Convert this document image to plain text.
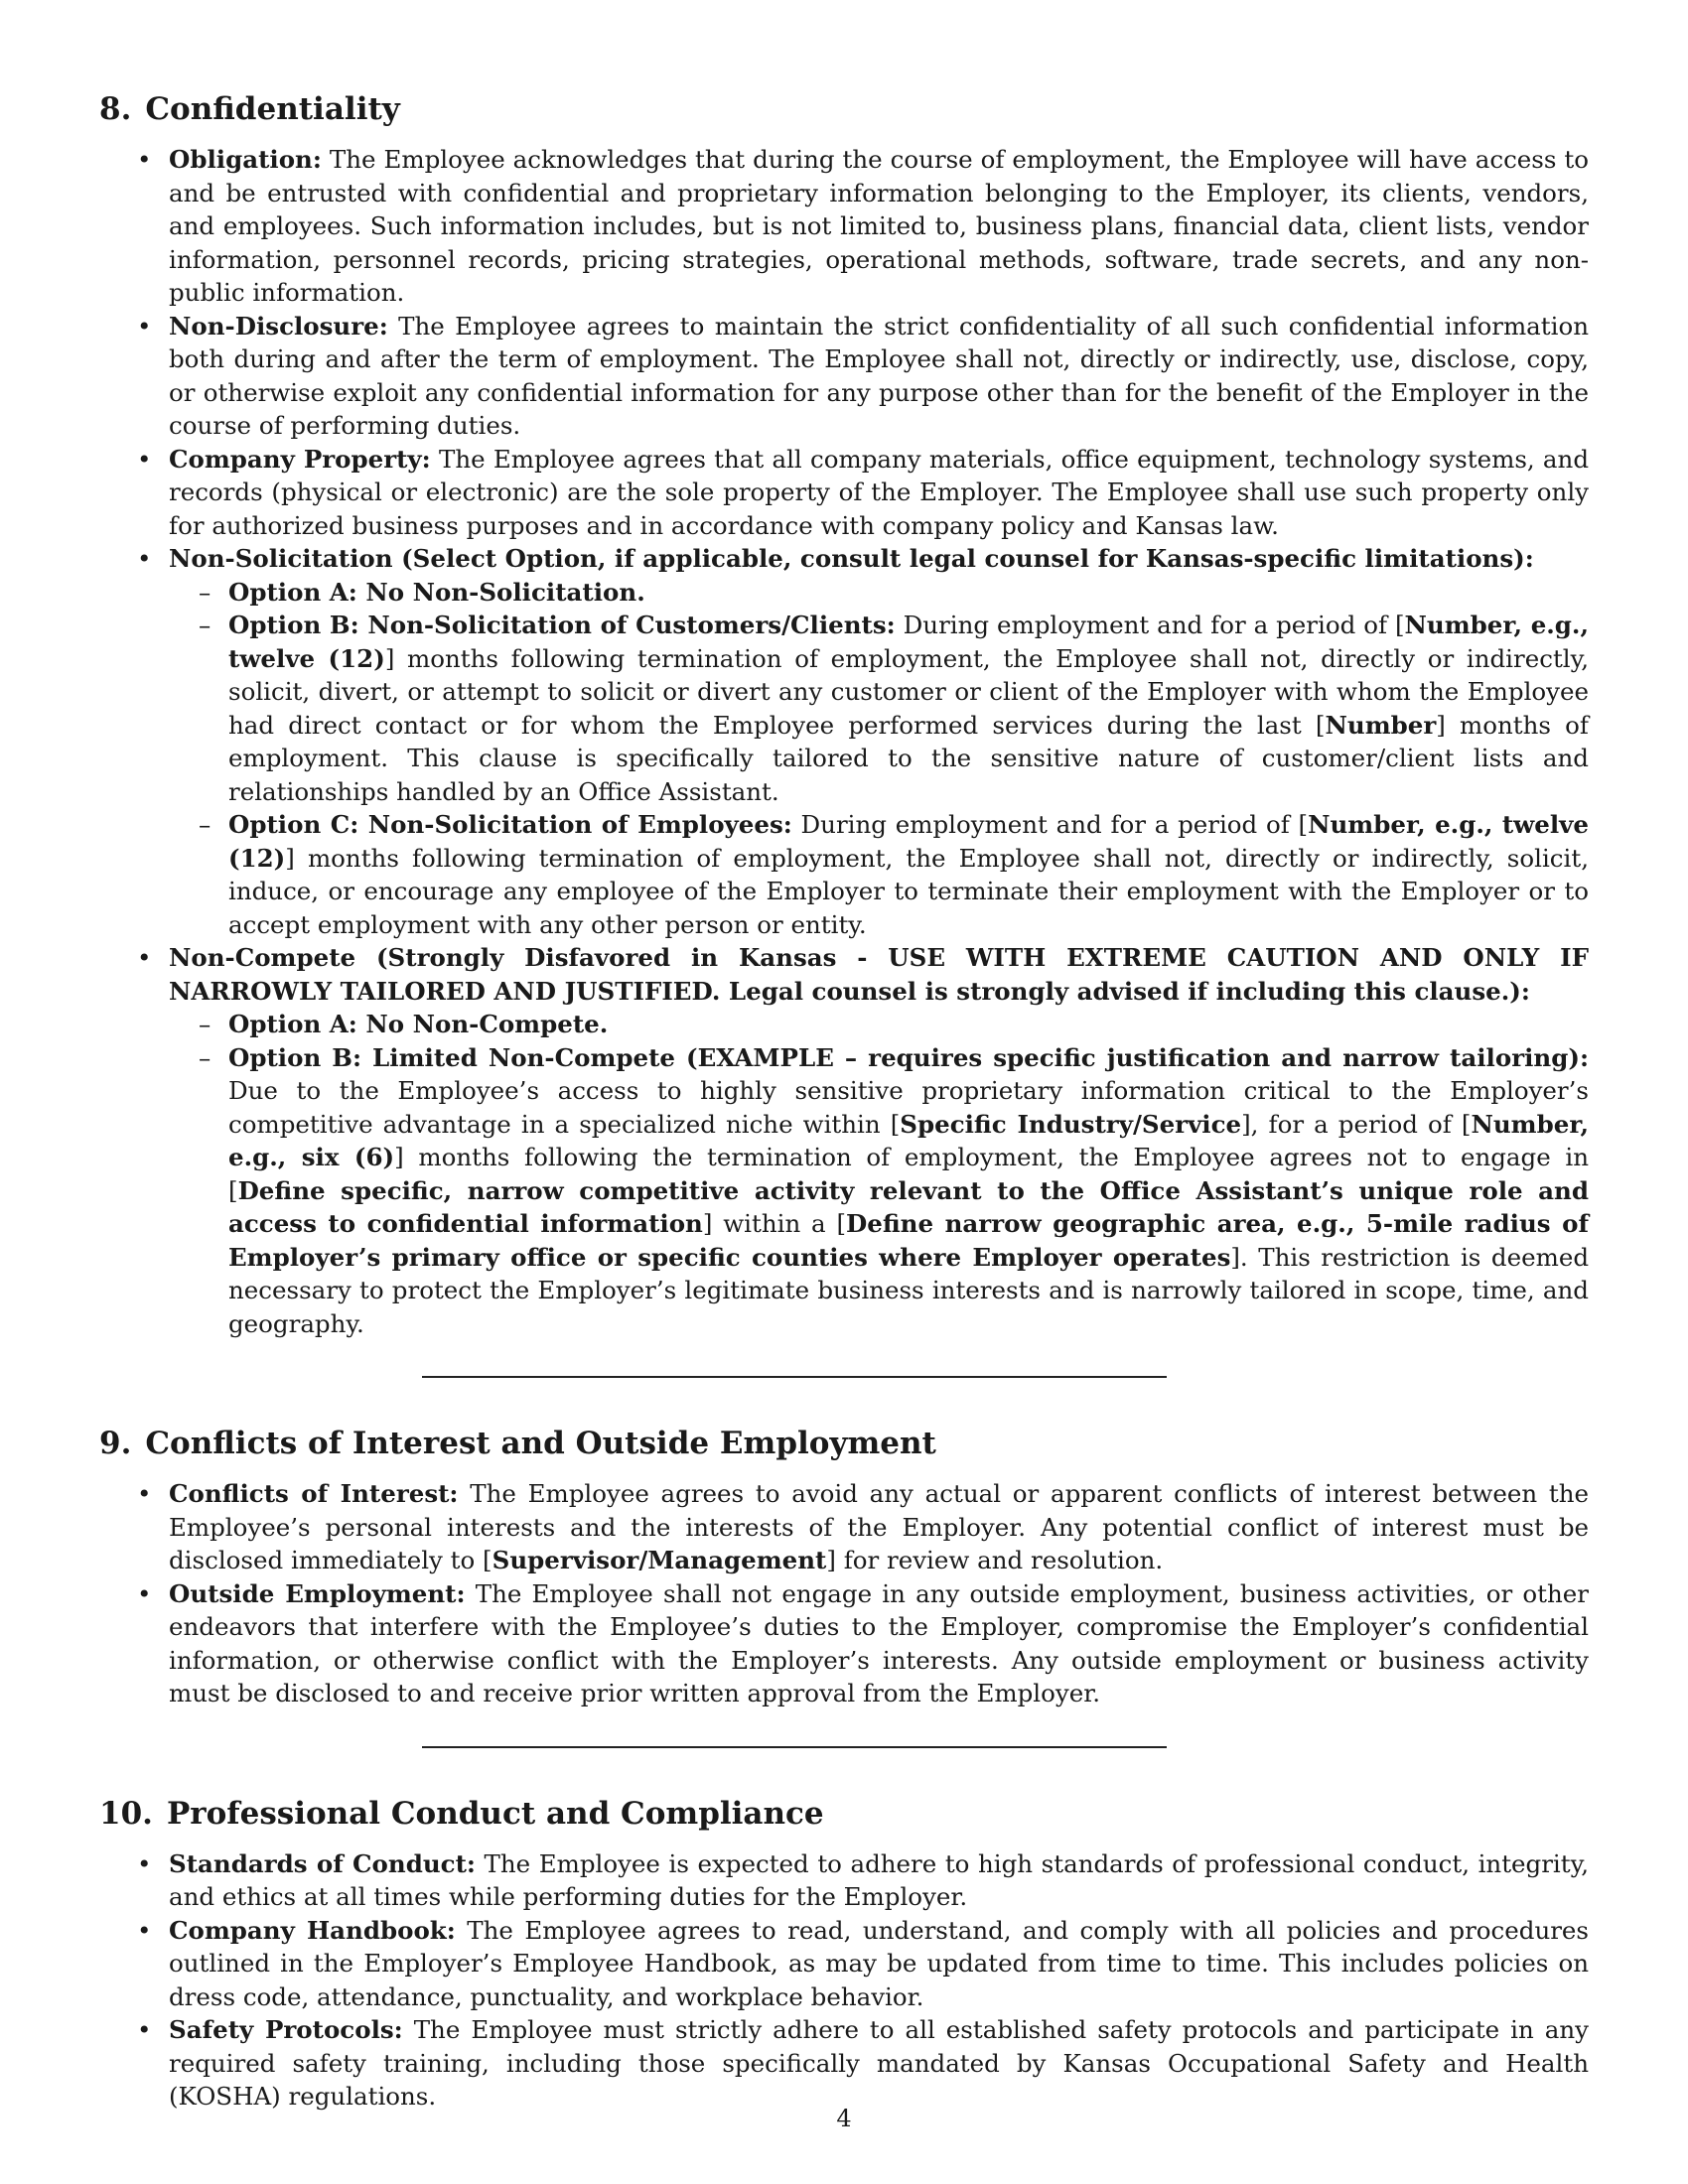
8. Confidentiality
• Obligation: The Employee acknowledges that during the course of employment, the Employee will have access to and be entrusted with confidential and proprietary information belonging to the Employer, its clients, vendors, and employees. Such information includes, but is not limited to, business plans, financial data, client lists, vendor information, personnel records, pricing strategies, operational methods, software, trade secrets, and any non-public information.
• Non-Disclosure: The Employee agrees to maintain the strict confidentiality of all such confidential information both during and after the term of employment. The Employee shall not, directly or indirectly, use, disclose, copy, or otherwise exploit any confidential information for any purpose other than for the benefit of the Employer in the course of performing duties.
• Company Property: The Employee agrees that all company materials, office equipment, technology systems, and records (physical or electronic) are the sole property of the Employer. The Employee shall use such property only for authorized business purposes and in accordance with company policy and Kansas law.
• Non-Solicitation (Select Option, if applicable, consult legal counsel for Kansas-specific limitations):
– Option A: No Non-Solicitation.
– Option B: Non-Solicitation of Customers/Clients: During employment and for a period of [Number, e.g., twelve (12)] months following termination of employment, the Employee shall not, directly or indirectly, solicit, divert, or attempt to solicit or divert any customer or client of the Employer with whom the Employee had direct contact or for whom the Employee performed services during the last [Number] months of employment. This clause is specifically tailored to the sensitive nature of customer/client lists and relationships handled by an Office Assistant.
– Option C: Non-Solicitation of Employees: During employment and for a period of [Number, e.g., twelve (12)] months following termination of employment, the Employee shall not, directly or indirectly, solicit, induce, or encourage any employee of the Employer to terminate their employment with the Employer or to accept employment with any other person or entity.
• Non-Compete (Strongly Disfavored in Kansas - USE WITH EXTREME CAUTION AND ONLY IF NARROWLY TAILORED AND JUSTIFIED. Legal counsel is strongly advised if including this clause.):
– Option A: No Non-Compete.
– Option B: Limited Non-Compete (EXAMPLE – requires specific justification and narrow tailoring): Due to the Employee’s access to highly sensitive proprietary information critical to the Employer’s competitive advantage in a specialized niche within [Specific Industry/Service], for a period of [Number, e.g., six (6)] months following the termination of employment, the Employee agrees not to engage in [Define specific, narrow competitive activity relevant to the Office Assistant’s unique role and access to confidential information] within a [Define narrow geographic area, e.g., 5-mile radius of Employer’s primary office or specific counties where Employer operates]. This restriction is deemed necessary to protect the Employer’s legitimate business interests and is narrowly tailored in scope, time, and geography.
9. Conflicts of Interest and Outside Employment
• Conflicts of Interest: The Employee agrees to avoid any actual or apparent conflicts of interest between the Employee’s personal interests and the interests of the Employer. Any potential conflict of interest must be disclosed immediately to [Supervisor/Management] for review and resolution.
• Outside Employment: The Employee shall not engage in any outside employment, business activities, or other endeavors that interfere with the Employee’s duties to the Employer, compromise the Employer’s confidential information, or otherwise conflict with the Employer’s interests. Any outside employment or business activity must be disclosed to and receive prior written approval from the Employer.
10. Professional Conduct and Compliance
• Standards of Conduct: The Employee is expected to adhere to high standards of professional conduct, integrity, and ethics at all times while performing duties for the Employer.
• Company Handbook: The Employee agrees to read, understand, and comply with all policies and procedures outlined in the Employer’s Employee Handbook, as may be updated from time to time. This includes policies on dress code, attendance, punctuality, and workplace behavior.
• Safety Protocols: The Employee must strictly adhere to all established safety protocols and participate in any required safety training, including those specifically mandated by Kansas Occupational Safety and Health (KOSHA) regulations.
4
